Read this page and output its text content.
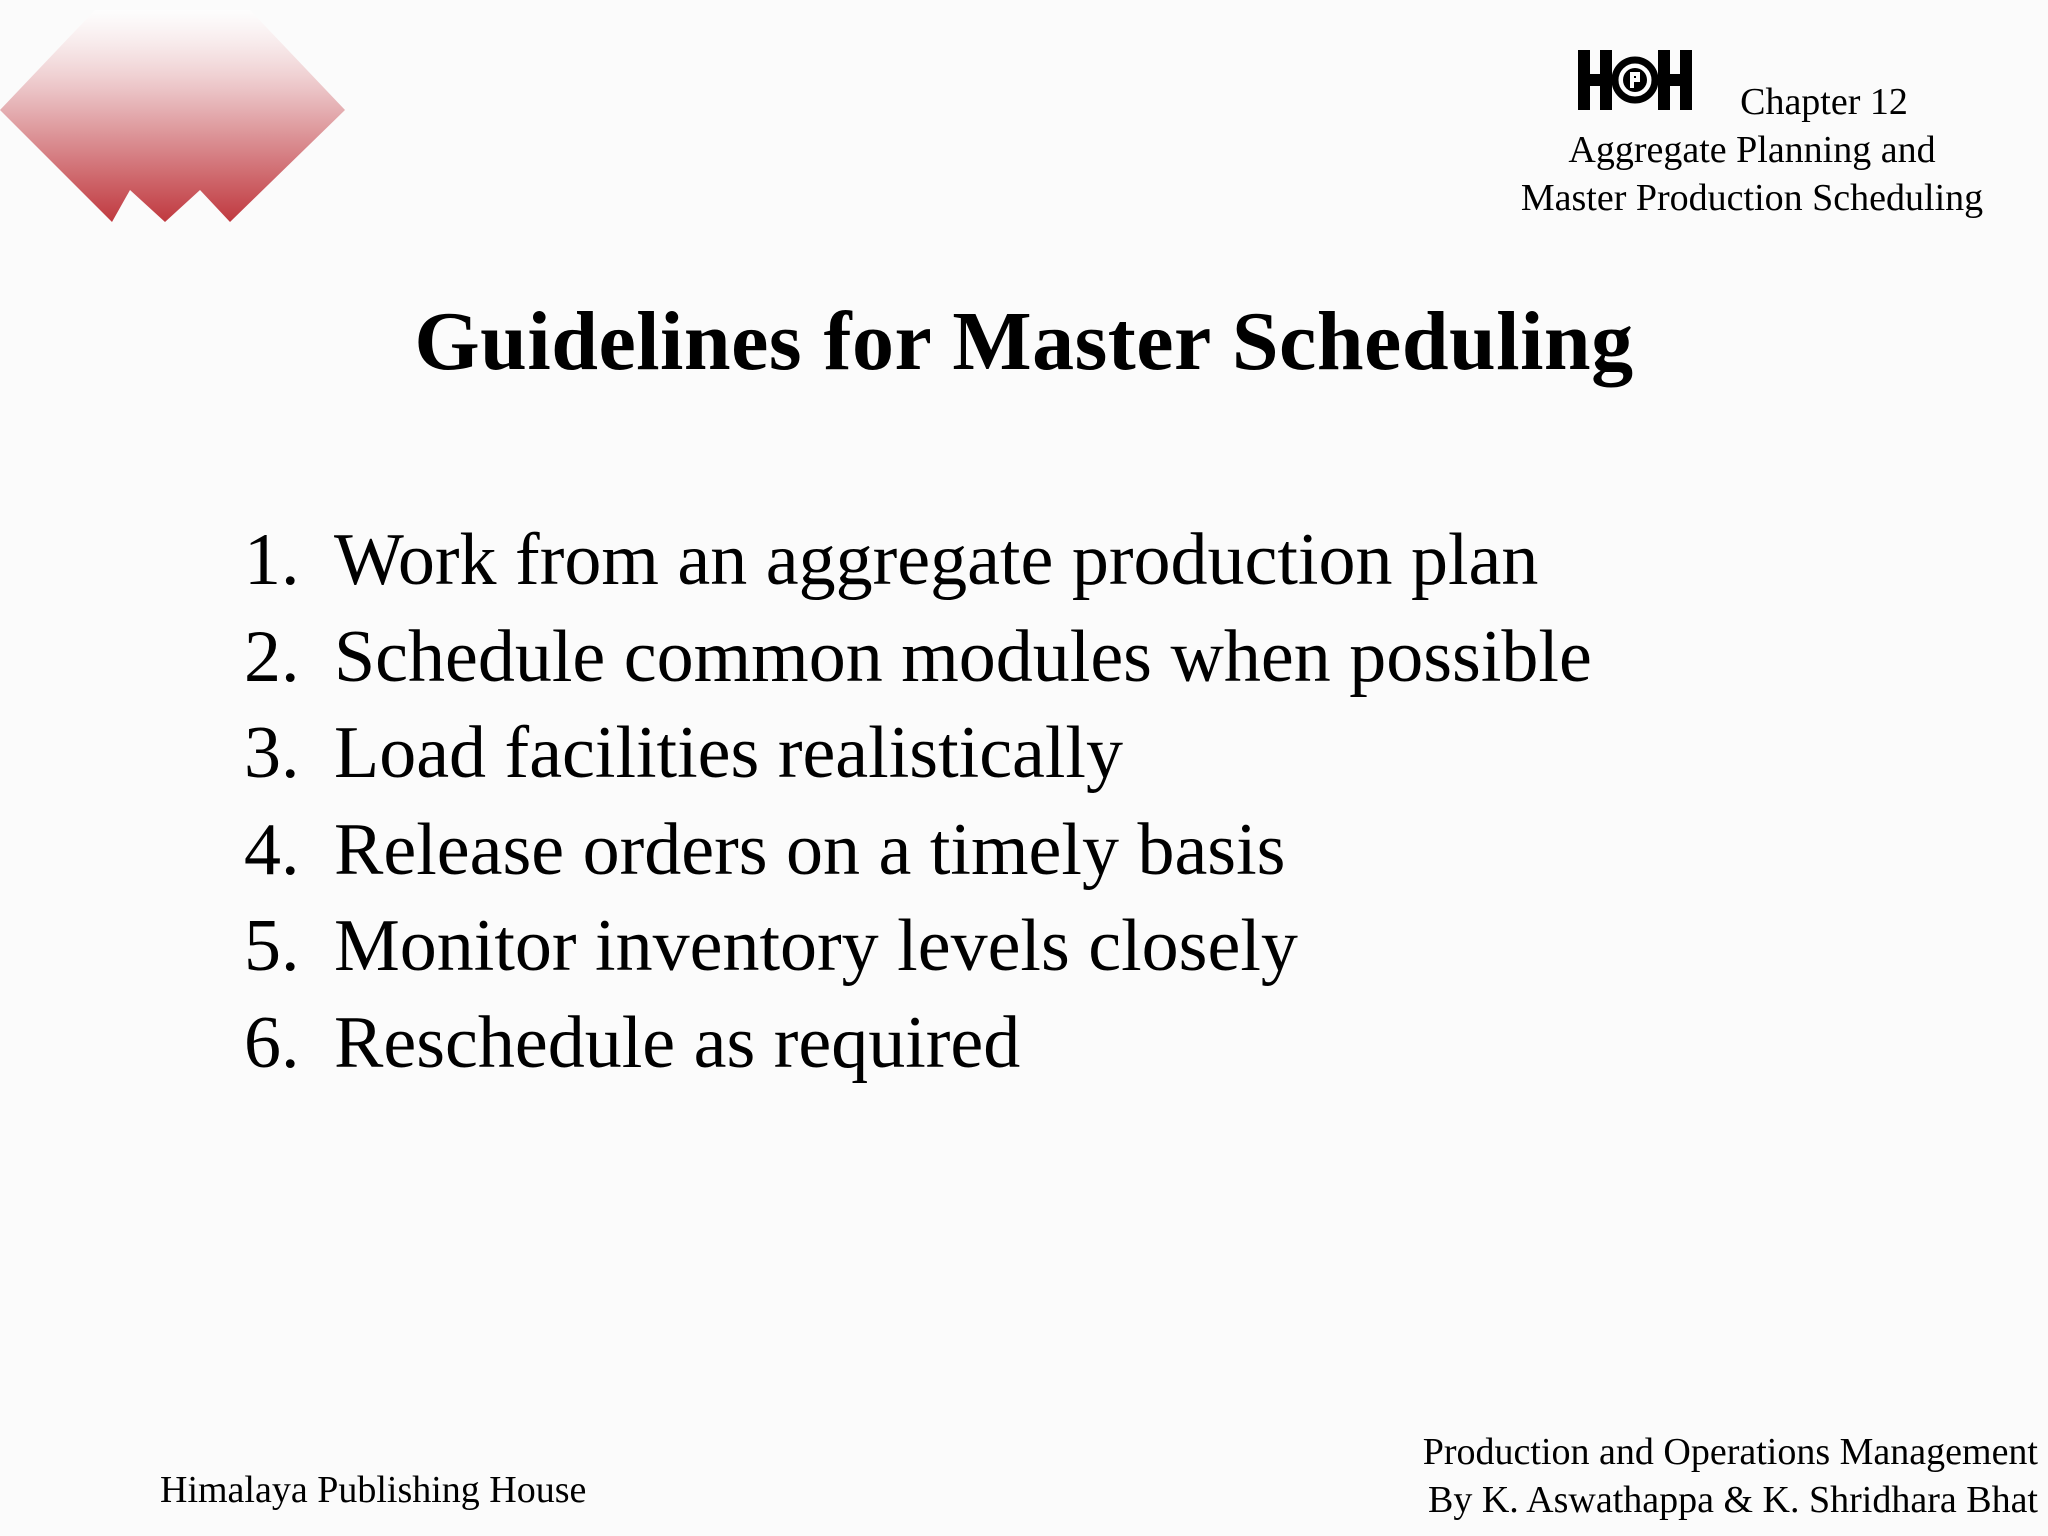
Chapter 12
Aggregate Planning and
Master Production Scheduling
Guidelines for Master Scheduling
1. Work from an aggregate production plan
2. Schedule common modules when possible
3. Load facilities realistically
4. Release orders on a timely basis
5. Monitor inventory levels closely
6. Reschedule as required
Himalaya Publishing House
Production and Operations Management
By K. Aswathappa & K. Shridhara Bhat
